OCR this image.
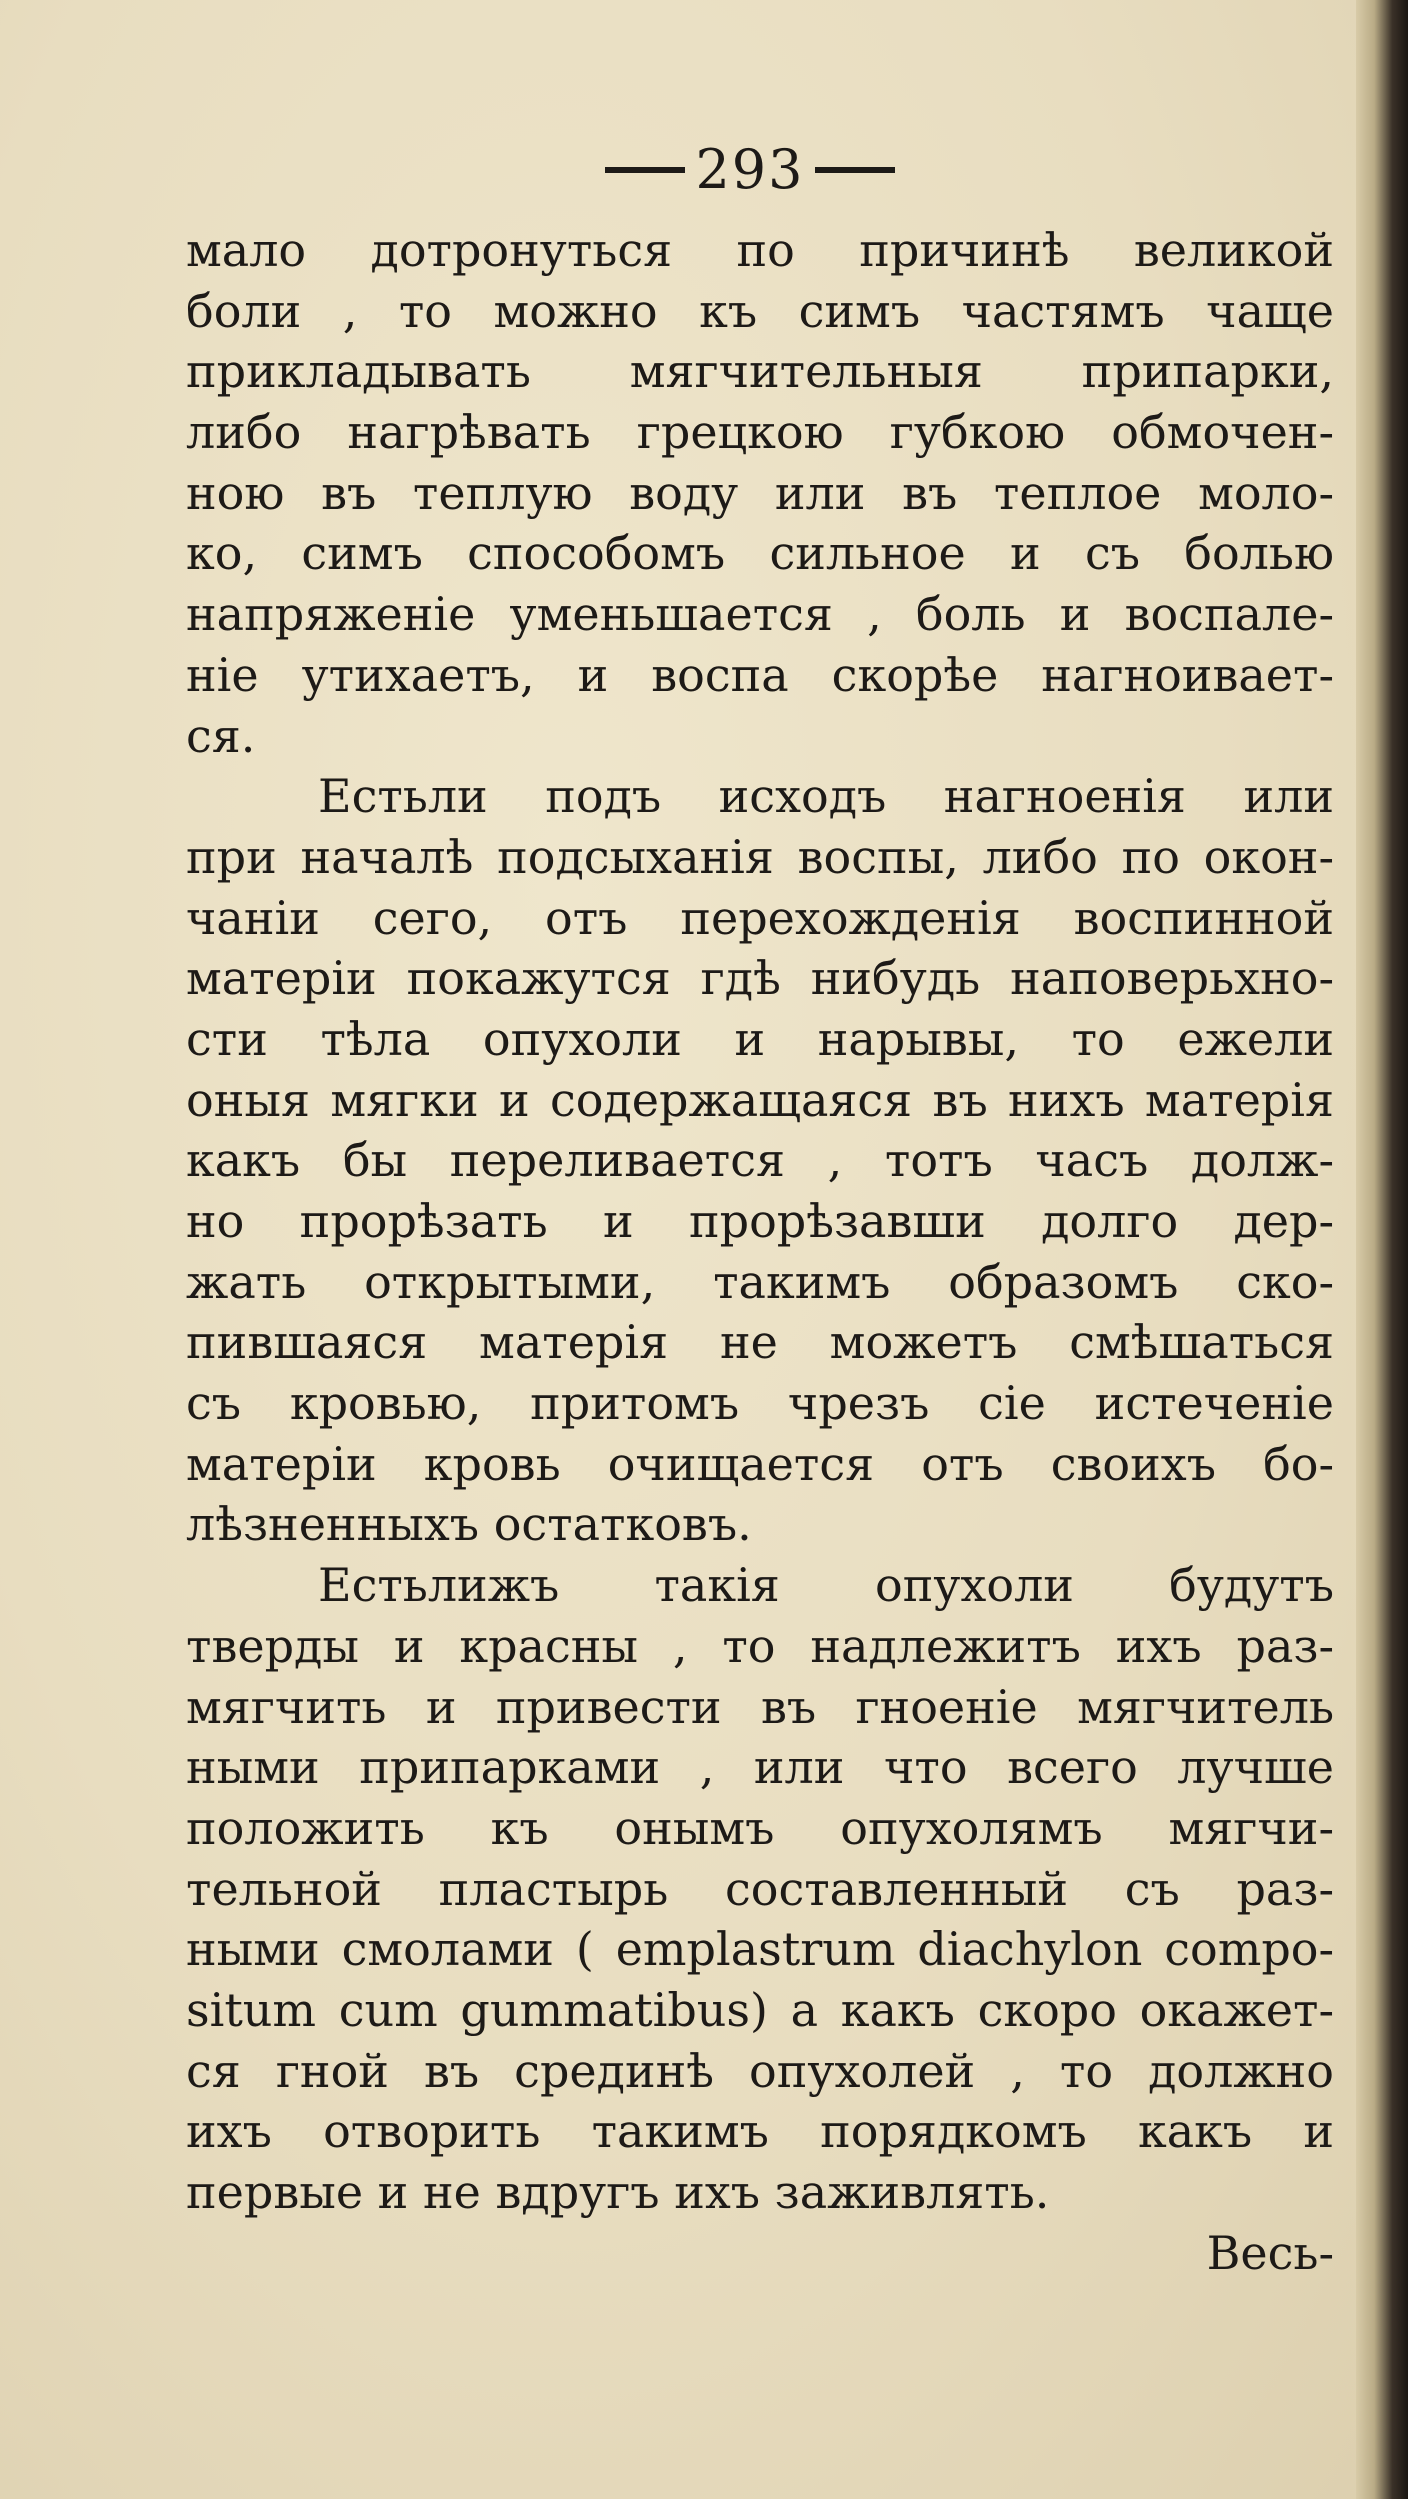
293
мало дотронуться по причинѣ великой
боли , то можно къ симъ частямъ чаще
прикладывать мягчительныя припарки,
либо нагрѣвать грецкою губкою обмочен-
ною въ теплую воду или въ теплое моло-
ко, симъ способомъ сильное и съ болью
напряженіе уменьшается , боль и воспале-
ніе утихаетъ, и воспа скорѣе нагноивает-
ся.
Естьли подъ исходъ нагноенія или
при началѣ подсыханія воспы, либо по окон-
чаніи сего, отъ перехожденія воспинной
матеріи покажутся гдѣ нибудь наповерьхно-
сти тѣла опухоли и нарывы, то ежели
оныя мягки и содержащаяся въ нихъ матерія
какъ бы переливается , тотъ часъ долж-
но прорѣзать и прорѣзавши долго дер-
жать открытыми, такимъ образомъ ско-
пившаяся матерія не можетъ смѣшаться
съ кровью, притомъ чрезъ сіе истеченіе
матеріи кровь очищается отъ своихъ бо-
лѣзненныхъ остатковъ.
Естьлижъ такія опухоли будутъ
тверды и красны , то надлежитъ ихъ раз-
мягчить и привести въ гноеніе мягчитель
ными припарками , или что всего лучше
положить къ онымъ опухолямъ мягчи-
тельной пластырь составленный съ раз-
ными смолами ( emplastrum diachylon compo-
situm cum gummatibus) а какъ скоро окажет-
ся гной въ срединѣ опухолей , то должно
ихъ отворить такимъ порядкомъ какъ и
первые и не вдругъ ихъ заживлять.
Весь-
